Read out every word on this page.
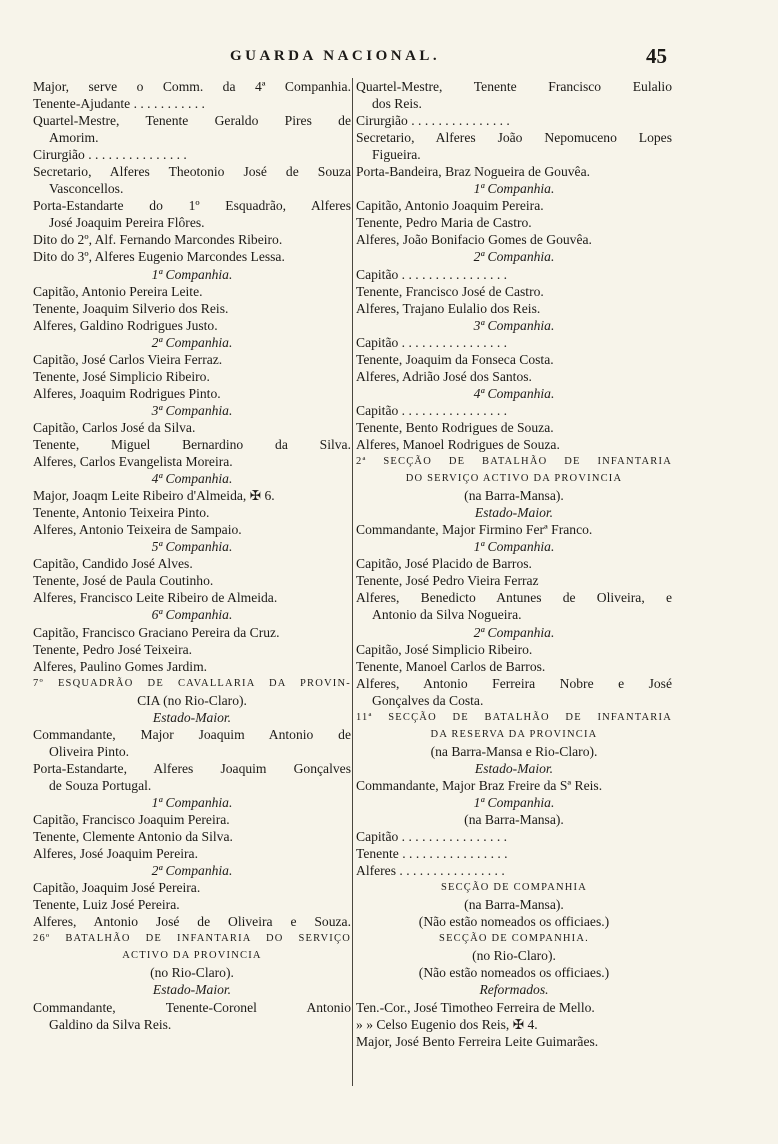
GUARDA NACIONAL.	45
Major, serve o Comm. da 4ª Companhia.
Tenente-Ajudante . . . . . . . . . . .
Quartel-Mestre, Tenente Geraldo Pires de
Amorim.
Cirurgião . . . . . . . . . . . . . . .
Secretario, Alferes Theotonio José de Souza
Vasconcellos.
Porta-Estandarte do 1º Esquadrão, Alferes
José Joaquim Pereira Flôres.
Dito do 2º, Alf. Fernando Marcondes Ribeiro.
Dito do 3º, Alferes Eugenio Marcondes Lessa.
1ª Companhia.
Capitão, Antonio Pereira Leite.
Tenente, Joaquim Silverio dos Reis.
Alferes, Galdino Rodrigues Justo.
2ª Companhia.
Capitão, José Carlos Vieira Ferraz.
Tenente, José Simplicio Ribeiro.
Alferes, Joaquim Rodrigues Pinto.
3ª Companhia.
Capitão, Carlos José da Silva.
Tenente, Miguel Bernardino da Silva.
Alferes, Carlos Evangelista Moreira.
4ª Companhia.
Major, Joaqm Leite Ribeiro d'Almeida, ✠ 6.
Tenente, Antonio Teixeira Pinto.
Alferes, Antonio Teixeira de Sampaio.
5ª Companhia.
Capitão, Candido José Alves.
Tenente, José de Paula Coutinho.
Alferes, Francisco Leite Ribeiro de Almeida.
6ª Companhia.
Capitão, Francisco Graciano Pereira da Cruz.
Tenente, Pedro José Teixeira.
Alferes, Paulino Gomes Jardim.
7º ESQUADRÃO DE CAVALLARIA DA PROVIN-
CIA (no Rio-Claro).
Estado-Maior.
Commandante, Major Joaquim Antonio de
Oliveira Pinto.
Porta-Estandarte, Alferes Joaquim Gonçalves
de Souza Portugal.
1ª Companhia.
Capitão, Francisco Joaquim Pereira.
Tenente, Clemente Antonio da Silva.
Alferes, José Joaquim Pereira.
2ª Companhia.
Capitão, Joaquim José Pereira.
Tenente, Luiz José Pereira.
Alferes, Antonio José de Oliveira e Souza.
26º BATALHÃO DE INFANTARIA DO SERVIÇO
ACTIVO DA PROVINCIA
(no Rio-Claro).
Estado-Maior.
Commandante, Tenente-Coronel Antonio
Galdino da Silva Reis.
Quartel-Mestre, Tenente Francisco Eulalio
dos Reis.
Cirurgião . . . . . . . . . . . . . . .
Secretario, Alferes João Nepomuceno Lopes
Figueira.
Porta-Bandeira, Braz Nogueira de Gouvêa.
1ª Companhia.
Capitão, Antonio Joaquim Pereira.
Tenente, Pedro Maria de Castro.
Alferes, João Bonifacio Gomes de Gouvêa.
2ª Companhia.
Capitão . . . . . . . . . . . . . . . .
Tenente, Francisco José de Castro.
Alferes, Trajano Eulalio dos Reis.
3ª Companhia.
Capitão . . . . . . . . . . . . . . . .
Tenente, Joaquim da Fonseca Costa.
Alferes, Adrião José dos Santos.
4ª Companhia.
Capitão . . . . . . . . . . . . . . . .
Tenente, Bento Rodrigues de Souza.
Alferes, Manoel Rodrigues de Souza.
2ª SECÇÃO DE BATALHÃO DE INFANTARIA
DO SERVIÇO ACTIVO DA PROVINCIA
(na Barra-Mansa).
Estado-Maior.
Commandante, Major Firmino Ferª Franco.
1ª Companhia.
Capitão, José Placido de Barros.
Tenente, José Pedro Vieira Ferraz
Alferes, Benedicto Antunes de Oliveira, e
Antonio da Silva Nogueira.
2ª Companhia.
Capitão, José Simplicio Ribeiro.
Tenente, Manoel Carlos de Barros.
Alferes, Antonio Ferreira Nobre e José
Gonçalves da Costa.
11ª SECÇÃO DE BATALHÃO DE INFANTARIA
DA RESERVA DA PROVINCIA
(na Barra-Mansa e Rio-Claro).
Estado-Maior.
Commandante, Major Braz Freire da Sª Reis.
1ª Companhia.
(na Barra-Mansa).
Capitão . . . . . . . . . . . . . . . .
Tenente . . . . . . . . . . . . . . . .
Alferes . . . . . . . . . . . . . . . .
SECÇÃO DE COMPANHIA
(na Barra-Mansa).
(Não estão nomeados os officiaes.)
SECÇÃO DE COMPANHIA.
(no Rio-Claro).
(Não estão nomeados os officiaes.)
Reformados.
Ten.-Cor., José Timotheo Ferreira de Mello.
» » Celso Eugenio dos Reis, ✠ 4.
Major, José Bento Ferreira Leite Guimarães.
